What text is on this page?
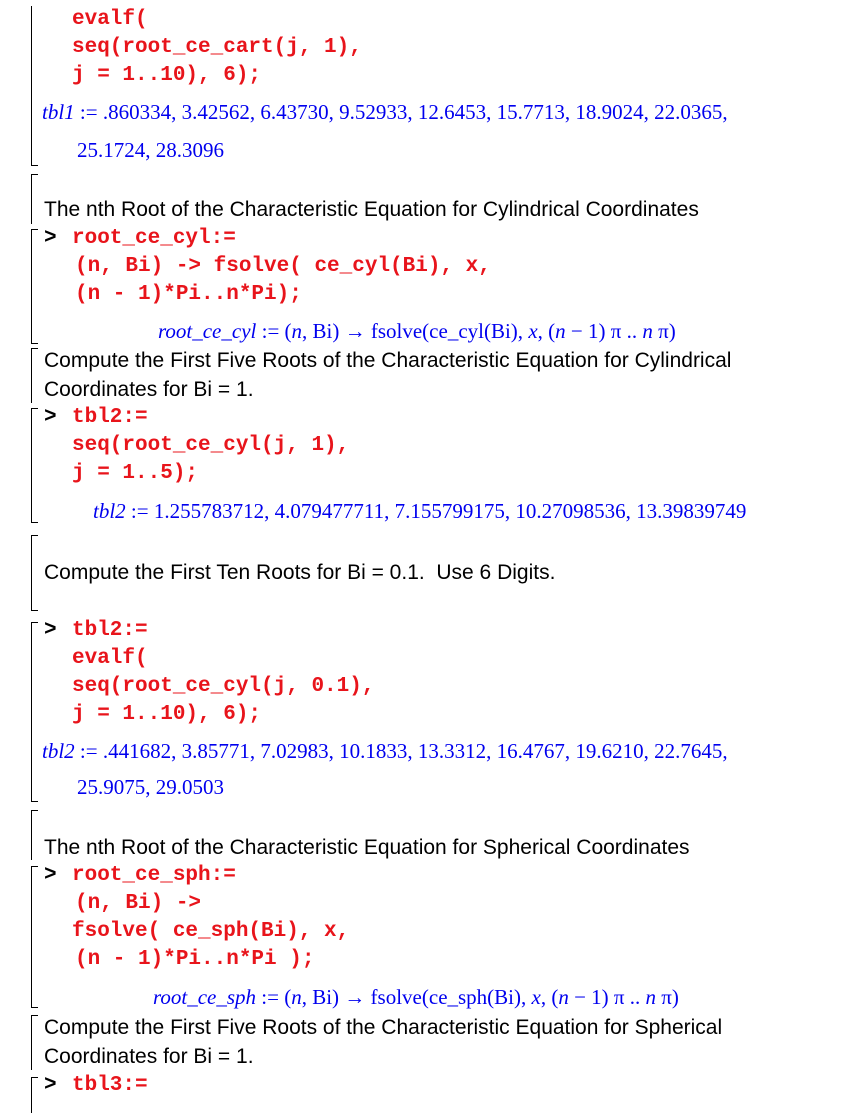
evalf(
seq(root_ce_cart(j, 1),
j = 1..10), 6);
tbl1 := .860334, 3.42562, 6.43730, 9.52933, 12.6453, 15.7713, 18.9024, 22.0365,
25.1724, 28.3096
The nth Root of the Characteristic Equation for Cylindrical Coordinates
> root_ce_cyl:=
(n, Bi) -> fsolve( ce_cyl(Bi), x,
(n - 1)*Pi..n*Pi);
root_ce_cyl := (n, Bi) → fsolve(ce_cyl(Bi), x, (n − 1) π .. n π)
Compute the First Five Roots of the Characteristic Equation for Cylindrical
Coordinates for Bi = 1.
> tbl2:=
seq(root_ce_cyl(j, 1),
j = 1..5);
tbl2 := 1.255783712, 4.079477711, 7.155799175, 10.27098536, 13.39839749
Compute the First Ten Roots for Bi = 0.1.  Use 6 Digits.
> tbl2:=
evalf(
seq(root_ce_cyl(j, 0.1),
j = 1..10), 6);
tbl2 := .441682, 3.85771, 7.02983, 10.1833, 13.3312, 16.4767, 19.6210, 22.7645,
25.9075, 29.0503
The nth Root of the Characteristic Equation for Spherical Coordinates
> root_ce_sph:=
(n, Bi) ->
fsolve( ce_sph(Bi), x,
(n - 1)*Pi..n*Pi );
root_ce_sph := (n, Bi) → fsolve(ce_sph(Bi), x, (n − 1) π .. n π)
Compute the First Five Roots of the Characteristic Equation for Spherical
Coordinates for Bi = 1.
> tbl3:=
